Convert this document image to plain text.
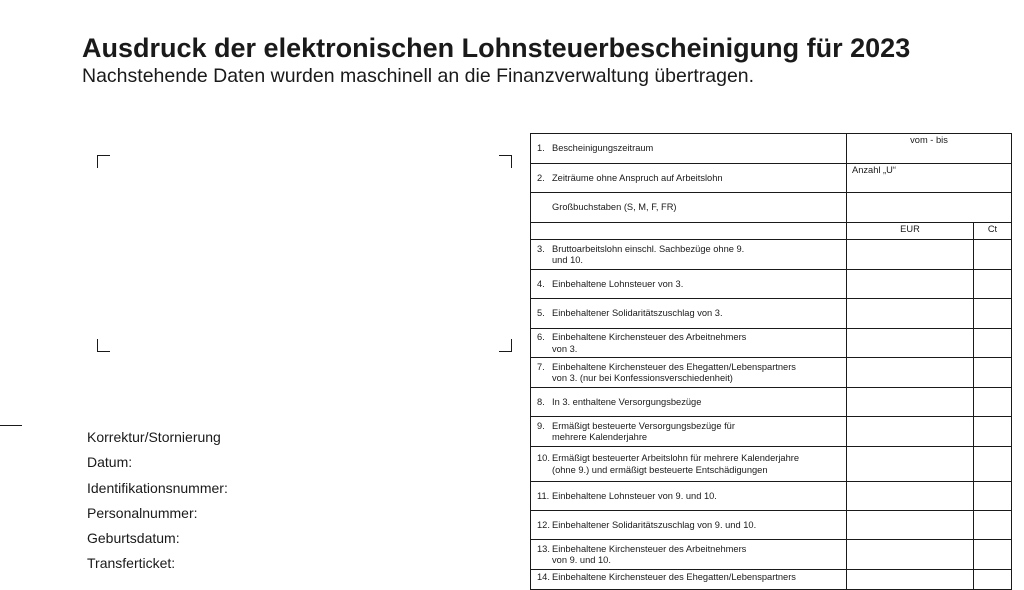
Ausdruck der elektronischen Lohnsteuerbescheinigung für 2023
Nachstehende Daten wurden maschinell an die Finanzverwaltung übertragen.
Korrektur/Stornierung
Datum:
Identifikationsnummer:
Personalnummer:
Geburtsdatum:
Transferticket:
1. Bescheinigungszeitraum	vom - bis	

2. Zeiträume ohne Anspruch auf Arbeitslohn	Anzahl „U“	

Großbuchstaben (S, M, F, FR)		

	EUR	Ct

3. Bruttoarbeitslohn einschl. Sachbezüge ohne 9.
und 10.		

4. Einbehaltene Lohnsteuer von 3.		

5. Einbehaltener Solidaritätszuschlag von 3.		

6. Einbehaltene Kirchensteuer des Arbeitnehmers
von 3.		

7. Einbehaltene Kirchensteuer des Ehegatten/Lebenspartners
von 3. (nur bei Konfessionsverschiedenheit)		

8. In 3. enthaltene Versorgungsbezüge		

9. Ermäßigt besteuerte Versorgungsbezüge für
mehrere Kalenderjahre		

10. Ermäßigt besteuerter Arbeitslohn für mehrere Kalenderjahre
(ohne 9.) und ermäßigt besteuerte Entschädigungen		

11. Einbehaltene Lohnsteuer von 9. und 10.		

12. Einbehaltener Solidaritätszuschlag von 9. und 10.		

13. Einbehaltene Kirchensteuer des Arbeitnehmers
von 9. und 10.		

14. Einbehaltene Kirchensteuer des Ehegatten/Lebenspartners		
